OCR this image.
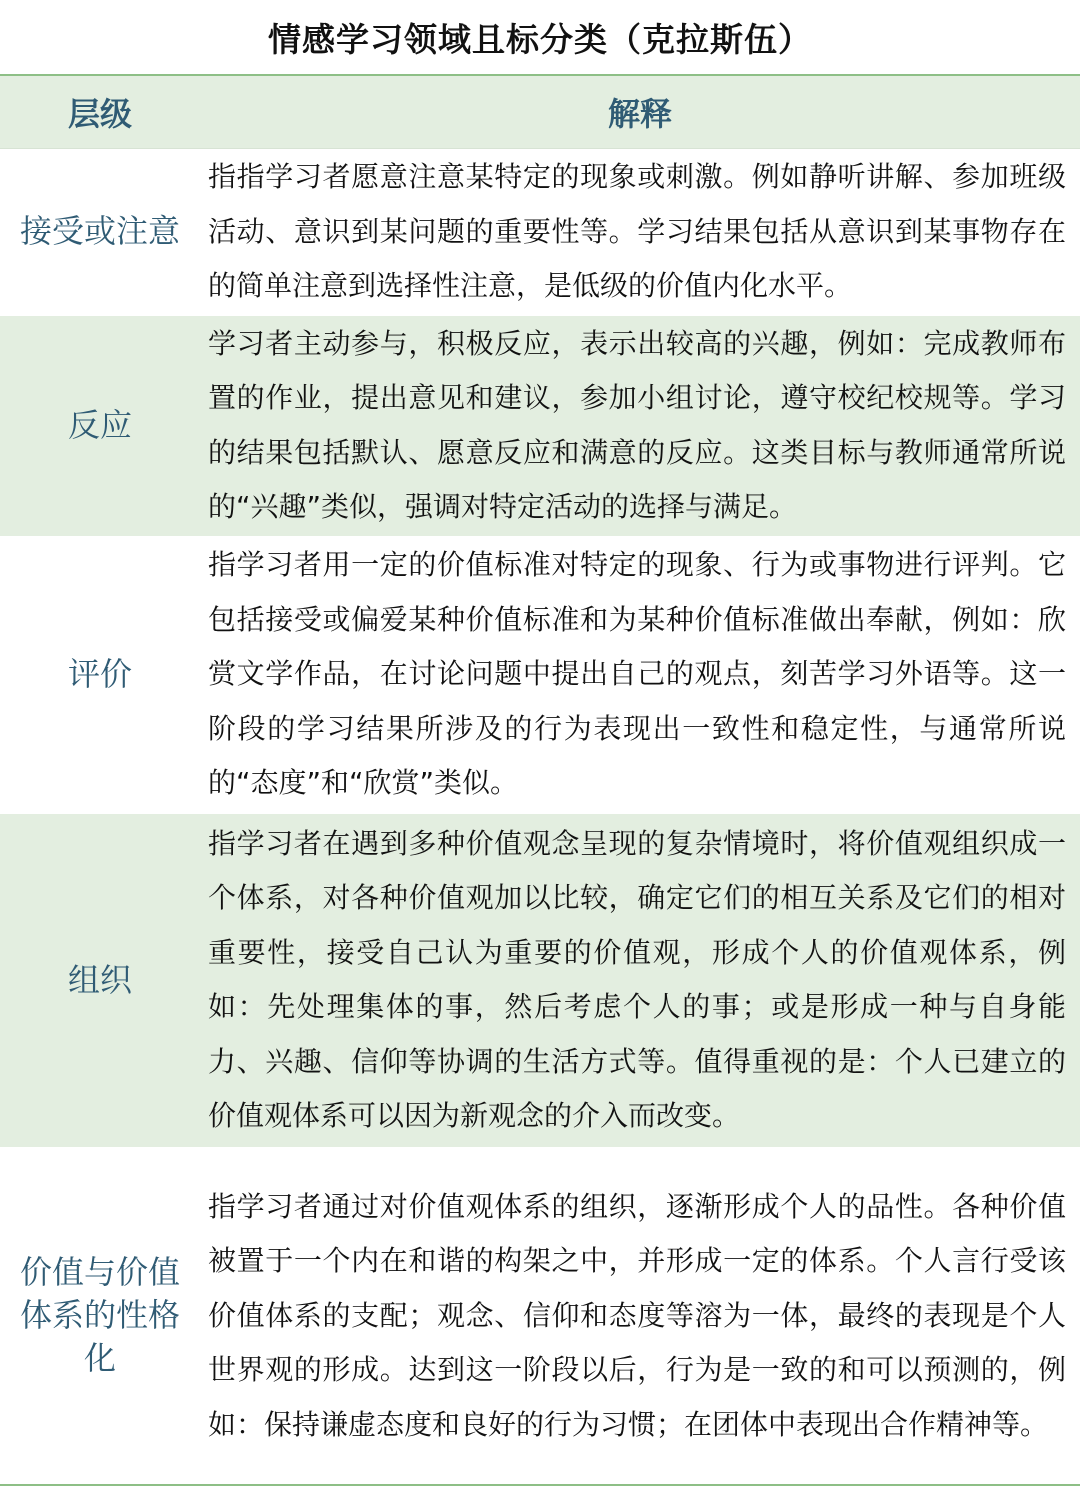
情感学习领域且标分类（克拉斯伍）
层级	解释
接受或注意	指指学习者愿意注意某特定的现象或刺激。例如静听讲解、参加班级活动、意识到某问题的重要性等。学习结果包括从意识到某事物存在的简单注意到选择性注意，是低级的价值内化水平。
反应	学习者主动参与，积极反应，表示出较高的兴趣，例如：完成教师布置的作业，提出意见和建议，参加小组讨论，遵守校纪校规等。学习的结果包括默认、愿意反应和满意的反应。这类目标与教师通常所说的“兴趣”类似，强调对特定活动的选择与满足。
评价	指学习者用一定的价值标准对特定的现象、行为或事物进行评判。它包括接受或偏爱某种价值标准和为某种价值标准做出奉献，例如：欣赏文学作品，在讨论问题中提出自己的观点，刻苦学习外语等。这一阶段的学习结果所涉及的行为表现出一致性和稳定性，与通常所说的“态度”和“欣赏”类似。
组织	指学习者在遇到多种价值观念呈现的复杂情境时，将价值观组织成一个体系，对各种价值观加以比较，确定它们的相互关系及它们的相对重要性，接受自己认为重要的价值观，形成个人的价值观体系，例如：先处理集体的事，然后考虑个人的事；或是形成一种与自身能力、兴趣、信仰等协调的生活方式等。值得重视的是：个人已建立的价值观体系可以因为新观念的介入而改变。
价值与价值体系的性格化	指学习者通过对价值观体系的组织，逐渐形成个人的品性。各种价值被置于一个内在和谐的构架之中，并形成一定的体系。个人言行受该价值体系的支配；观念、信仰和态度等溶为一体，最终的表现是个人世界观的形成。达到这一阶段以后，行为是一致的和可以预测的，例如：保持谦虚态度和良好的行为习惯；在团体中表现出合作精神等。
